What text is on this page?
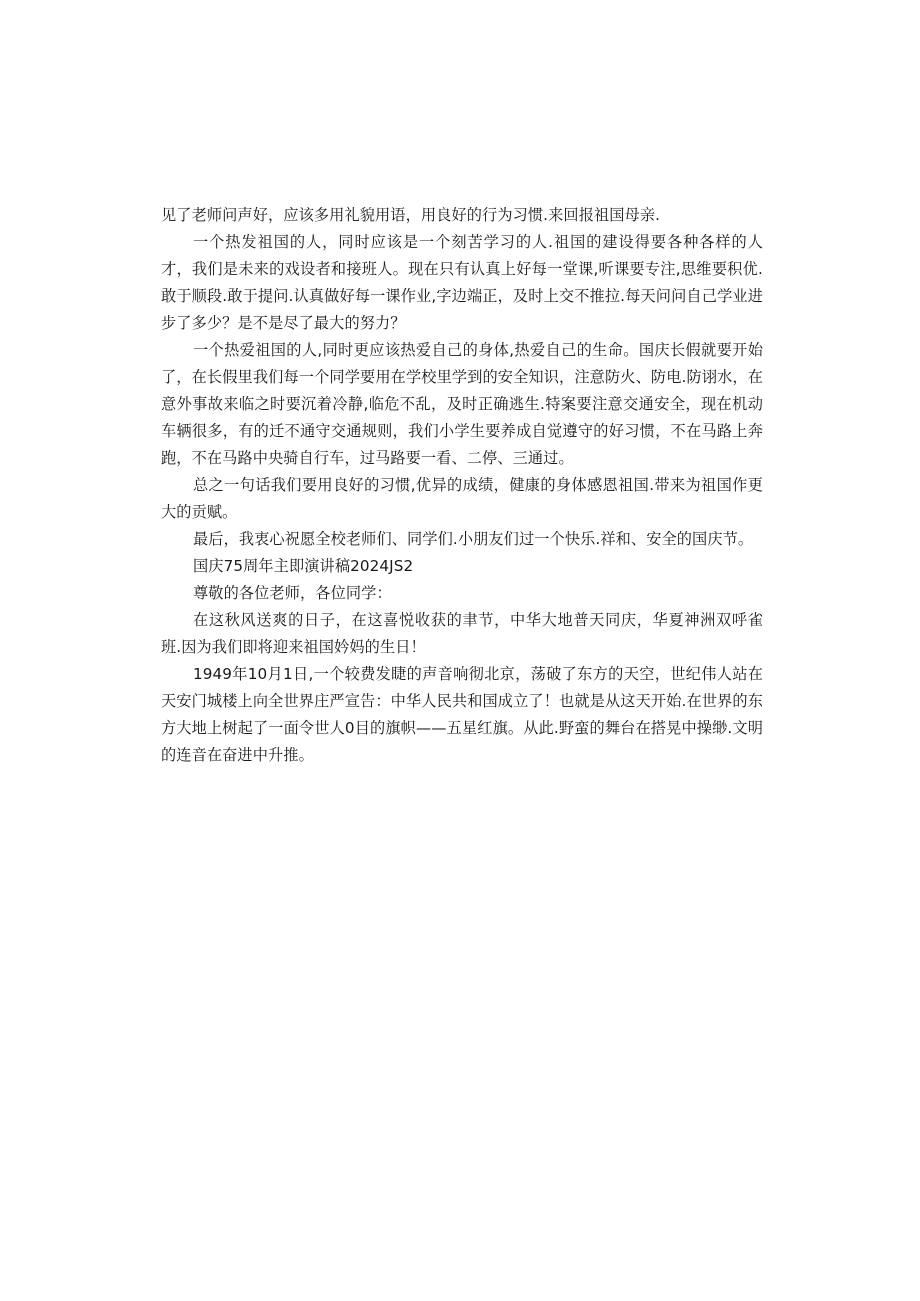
见了老师问声好，应该多用礼貌用语，用良好的行为习惯.来回报祖国母亲.

一个热发祖国的人，同时应该是一个刻苦学习的人.祖国的建设得要各种各样的人才，我们是未来的戏设者和接班人。现在只有认真上好每一堂课,听课要专注,思维要积优.敢于顺段.敢于提问.认真做好每一课作业,字边端正，及时上交不推拉.每天问问自己学业进步了多少？是不是尽了最大的努力？

一个热爱祖国的人,同时更应该热爱自己的身体,热爱自己的生命。国庆长假就要开始了，在长假里我们每一个同学要用在学校里学到的安全知识，注意防火、防电.防诩水，在意外事故来临之时要沉着冷静,临危不乱，及时正确逃生.特案要注意交通安全，现在机动车辆很多，有的迁不通守交通规则，我们小学生要养成自觉遵守的好习惯，不在马路上奔跑，不在马路中央骑自行车，过马路要一看、二停、三通过。

总之一句话我们要用良好的习惯,优异的成绩，健康的身体感恩祖国.带来为祖国作更大的贡赋。

最后，我衷心祝愿全校老师们、同学们.小朋友们过一个快乐.祥和、安全的国庆节。

国庆75周年主即演讲稿2024JS2

尊敬的各位老师，各位同学：

在这秋风送爽的日子，在这喜悦收获的聿节，中华大地普天同庆，华夏神洲双呼雀班.因为我们即将迎来祖国妗妈的生日！

1949年10月1日,一个较费发睫的声音响彻北京，荡破了东方的天空，世纪伟人站在天安门城楼上向全世界庄严宣告：中华人民共和国成立了！也就是从这天开始.在世界的东方大地上树起了一面令世人0目的旗帜——五星红旗。从此.野蛮的舞台在搭晃中操缈.文明的连音在奋进中升推。
